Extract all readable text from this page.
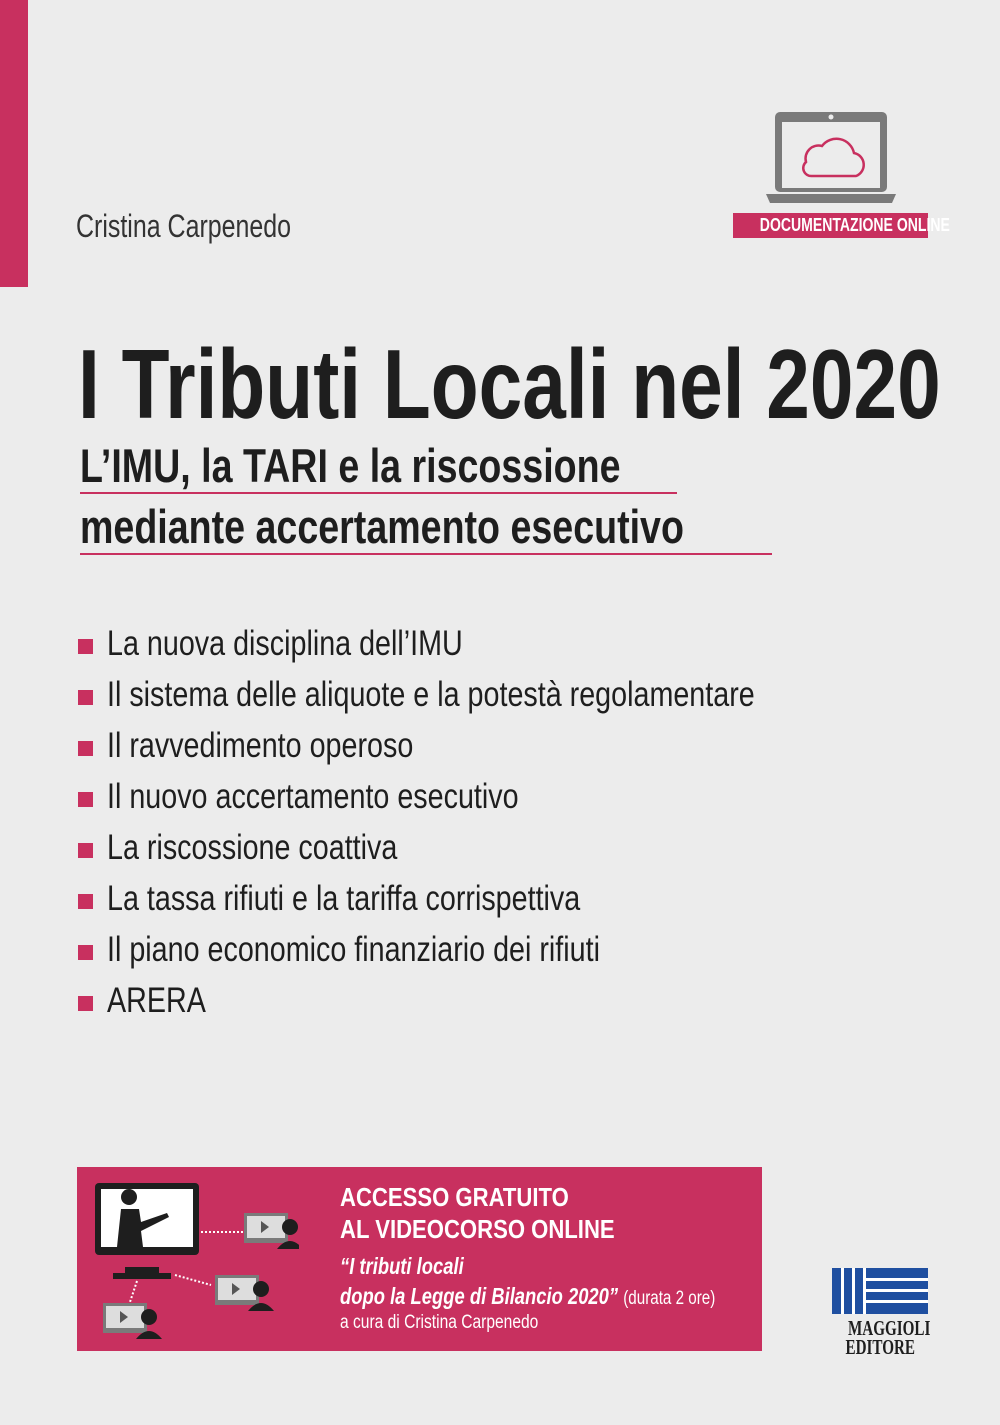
Cristina Carpenedo	DOCUMENTAZIONE ONLINE
I Tributi Locali nel 2020
L’IMU, la TARI e la riscossione
mediante accertamento esecutivo
La nuova disciplina dell’IMU
Il sistema delle aliquote e la potestà regolamentare
Il ravvedimento operoso
Il nuovo accertamento esecutivo
La riscossione coattiva
La tassa rifiuti e la tariffa corrispettiva
Il piano economico finanziario dei rifiuti
ARERA
ACCESSO GRATUITO
AL VIDEOCORSO ONLINE
“I tributi locali
dopo la Legge di Bilancio 2020” (durata 2 ore)
a cura di Cristina Carpenedo	MAGGIOLI
EDITORE
